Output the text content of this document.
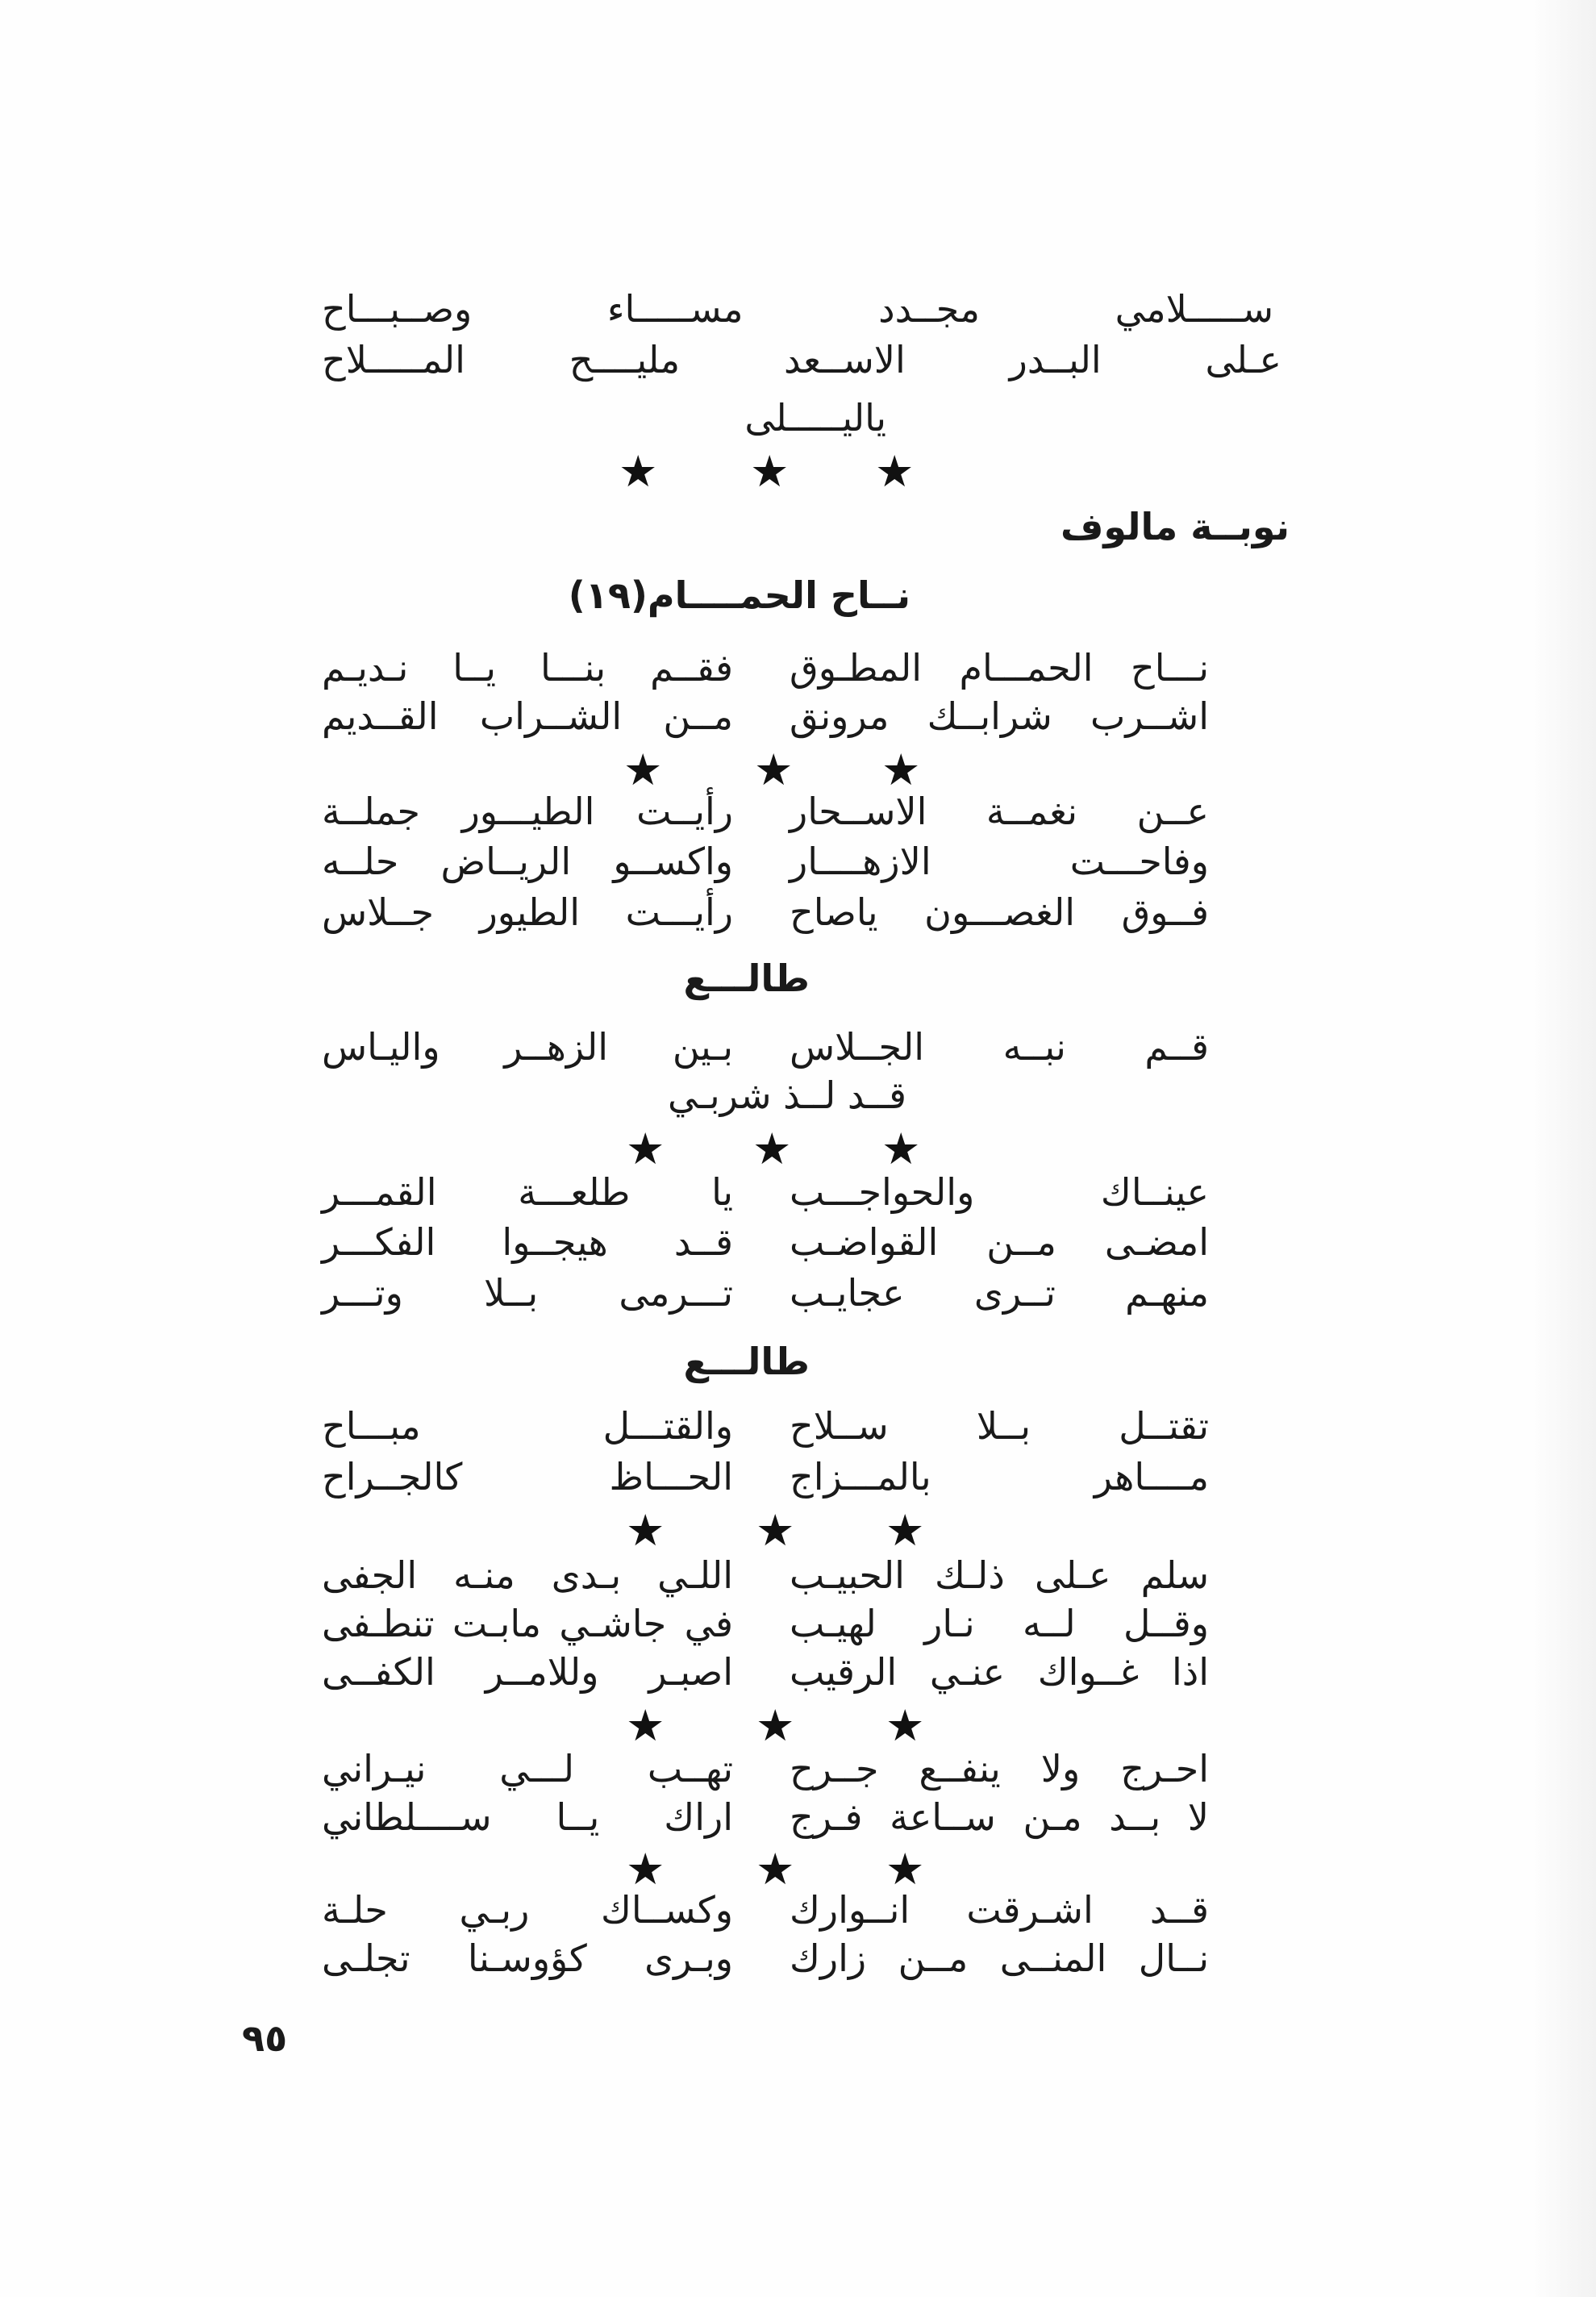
ســـــلامي مجــدد مســـــاء وصــبـــاح
عـلى البــدر الاســعد مليــــح المـــــلاح
ياليـــــلى
★ ★ ★
نوبــة مالوف
نــاح الحمــــام(١٩)
نـــاح الحمـــام المطـوق
فقــم بنـــا يــا نـديـم
اشــرب شرابــك مرونق
مــن الشــراب القــديم
★ ★ ★
عــن نغمــة الاســحار
رأيــت الطيـــور جملــة
وفاحـــت الازهــــار
واكســو الريــاض حلــه
فــوق الغصـــون ياصاح
رأيـــت الطيور جــلاس
طالـــع
قــم نبــه الجــلاس
بـين الزهــر واليـاس
قــد لــذ شربـي
★ ★ ★
عينــاك والحواجـــب
يا طلعـــة القمـــر
امضـى مــن القواضـب
قــد هيجــوا الفكـــر
منهـم تــرى عجايـب
تـــرمى بــلا وتـــر
طالـــع
تقتــل بــلا ســلاح
والقتـــل مبـــاح
مــــاهر بالمـــزاج
الحـــاظ كالجــراح
★ ★ ★
سلم عـلى ذلـك الحبيـب
اللـي بـدى منـه الجفى
وقــل لــه نـار لهيـب
في جاشـي مابـت تنطـفى
اذا غــواك عنـي الرقيب
اصبـر وللامــر الكفــى
★ ★ ★
احـرج ولا ينفــع جــرح
تهــب لـــي نيـراني
لا بــد مـن ســاعة فـرج
اراك يــا ســــلطاني
★ ★ ★
قــد اشـرقت انــوارك
وكســاك ربـي حلـة
نــال المنــى مــن زارك
وبـرى كؤوسـنا تجلـى
٩٥
